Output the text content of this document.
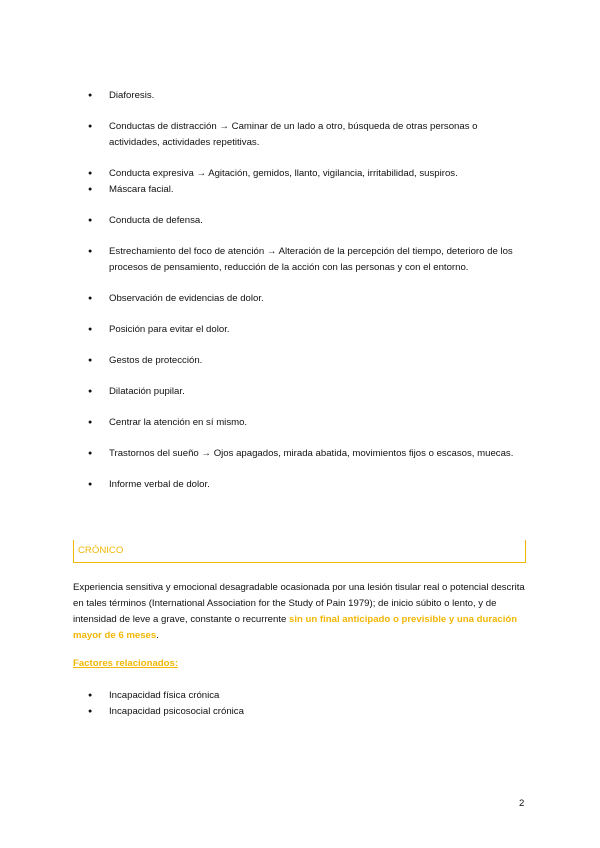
● Diaforesis.
● Conductas de distracción → Caminar de un lado a otro, búsqueda de otras personas o actividades, actividades repetitivas.
● Conducta expresiva → Agitación, gemidos, llanto, vigilancia, irritabilidad, suspiros.
● Máscara facial.
● Conducta de defensa.
● Estrechamiento del foco de atención → Alteración de la percepción del tiempo, deterioro de los procesos de pensamiento, reducción de la acción con las personas y con el entorno.
● Observación de evidencias de dolor.
● Posición para evitar el dolor.
● Gestos de protección.
● Dilatación pupilar.
● Centrar la atención en sí mismo.
● Trastornos del sueño → Ojos apagados, mirada abatida, movimientos fijos o escasos, muecas.
● Informe verbal de dolor.
CRÓNICO

Experiencia sensitiva y emocional desagradable ocasionada por una lesión tisular real o potencial descrita en tales términos (International Association for the Study of Pain 1979); de inicio súbito o lento, y de intensidad de leve a grave, constante o recurrente sin un final anticipado o previsible y una duración mayor de 6 meses.

Factores relacionados:
● Incapacidad física crónica
● Incapacidad psicosocial crónica
2
